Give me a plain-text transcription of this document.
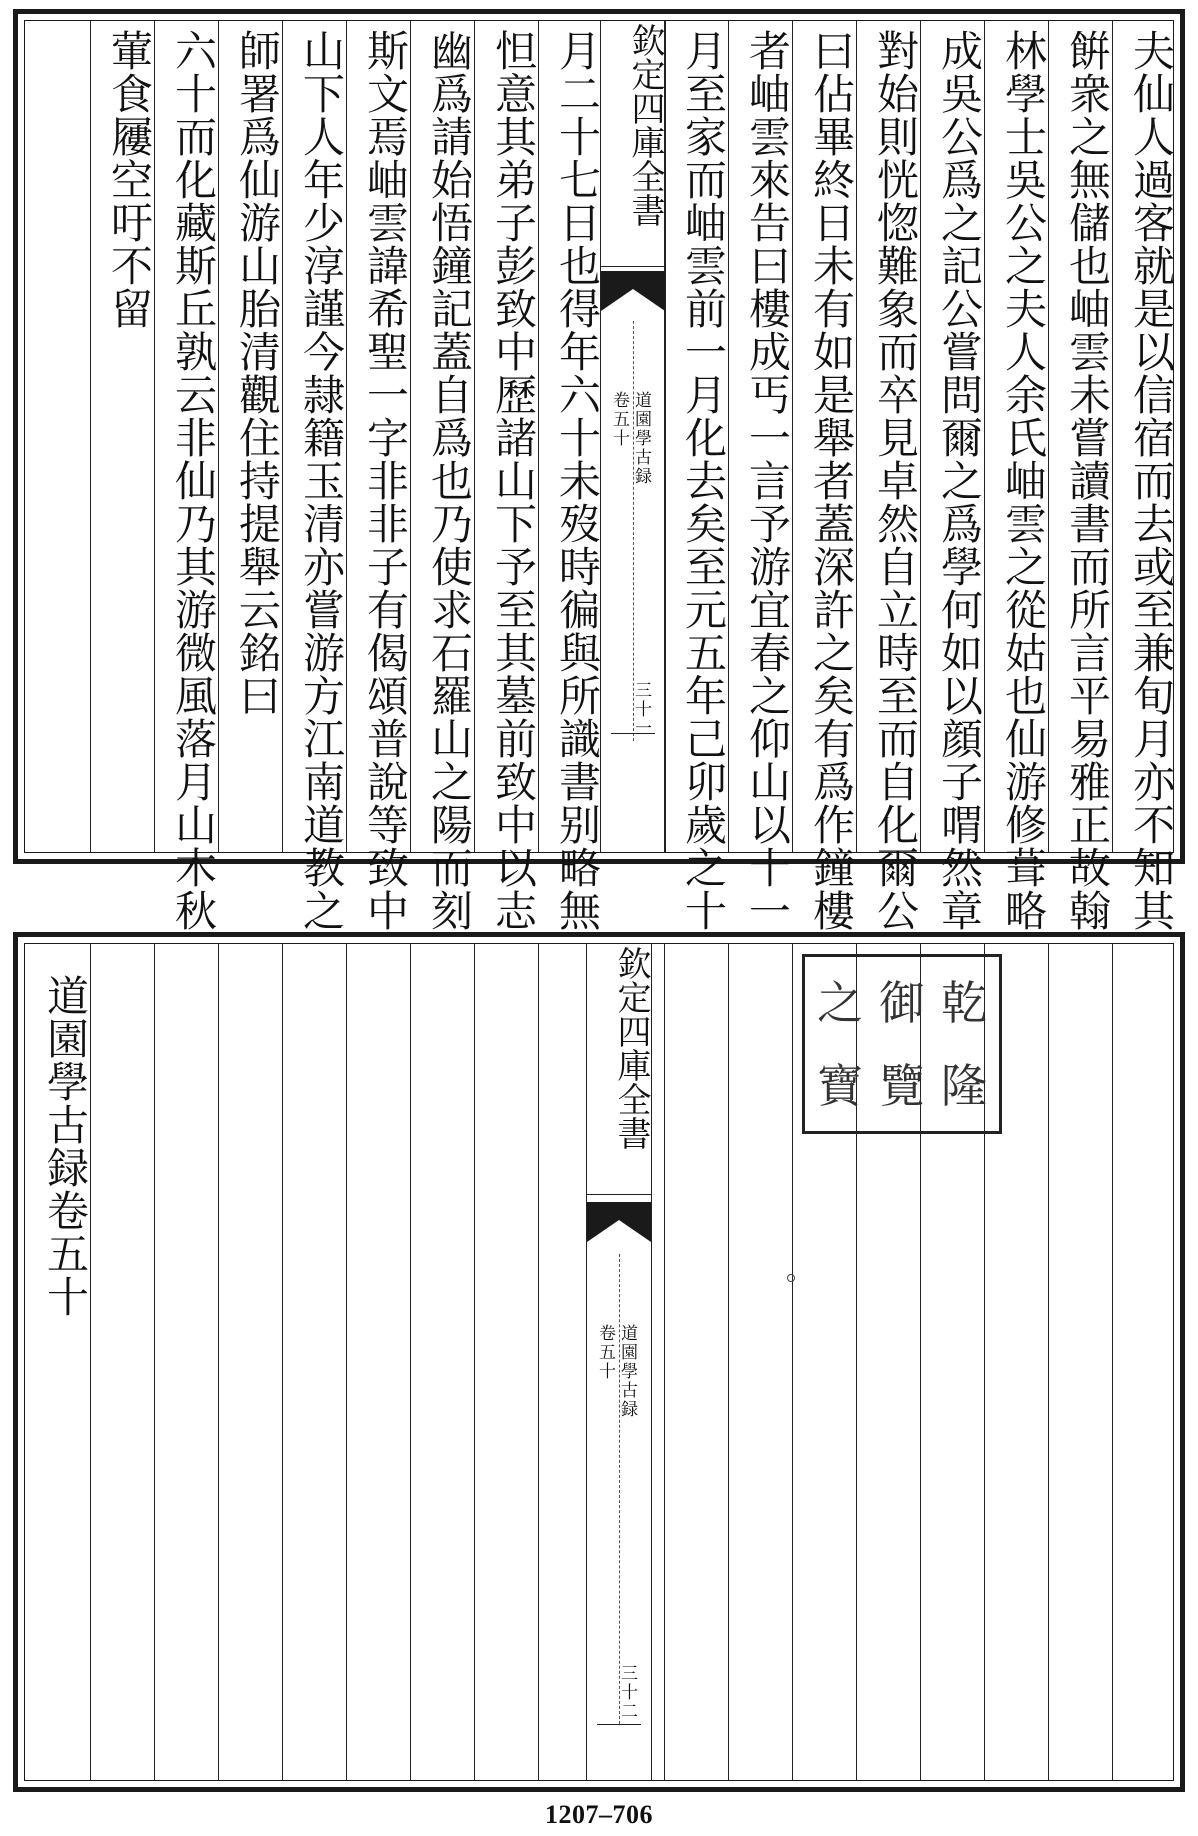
夫仙人過客就是以信宿而去或至兼旬月亦不知其
餠衆之無儲也岫雲未嘗讀書而所言平易雅正故翰
林學士吳公之夫人余氏岫雲之從姑也仙游修葺略
成吳公爲之記公嘗問爾之爲學何如以顔子喟然章
對始則恍惚難象而卒見卓然自立時至而自化爾公
曰佔畢終日未有如是舉者蓋深許之矣有爲作鐘樓
者岫雲來告曰樓成丐一言予游宜春之仰山以十一
月至家而岫雲前一月化去矣至元五年己卯歲之十
欽定四庫全書
道園學古録
卷五十
三十一
月二十七日也得年六十未歿時徧與所識書别略無
怛意其弟子彭致中歷諸山下予至其墓前致中以志
幽爲請始悟鐘記蓋自爲也乃使求石羅山之陽而刻
斯文焉岫雲諱希聖一字非非子有偈頌普說等致中
山下人年少淳謹今隷籍玉清亦嘗游方江南道教之
師署爲仙游山胎清觀住持提舉云銘曰
六十而化藏斯丘孰云非仙乃其游微風落月山木秋
葷食屨空吁不留
之 御 乾
寶 覽 隆
欽定四庫全書
道園學古録
卷五十
三十二
道園學古録卷五十
1207–706
